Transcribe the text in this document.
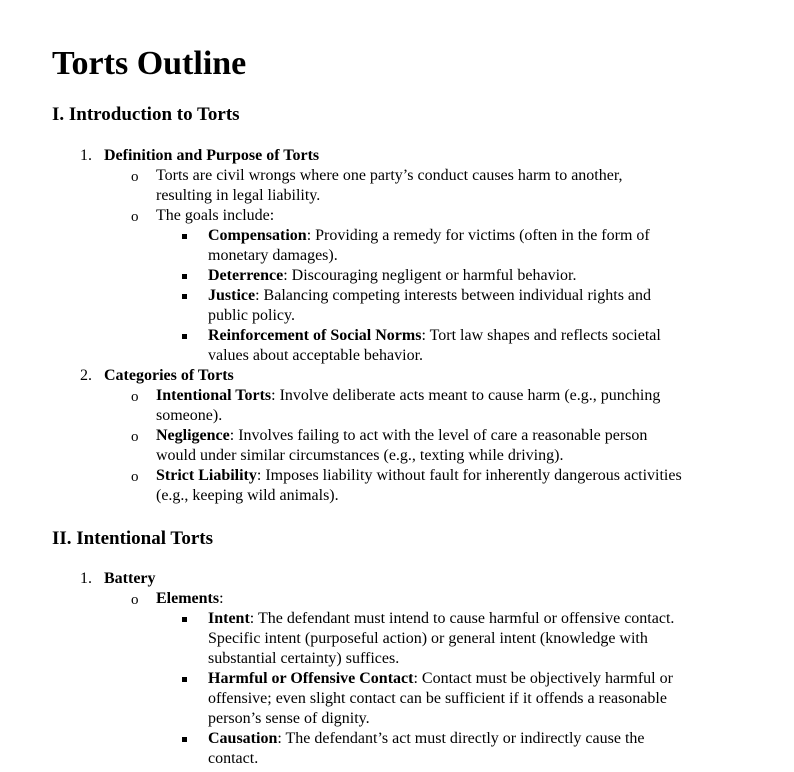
Torts Outline
I. Introduction to Torts
1. Definition and Purpose of Torts
o Torts are civil wrongs where one party’s conduct causes harm to another,
resulting in legal liability.
o The goals include:
Compensation: Providing a remedy for victims (often in the form of
monetary damages).
Deterrence: Discouraging negligent or harmful behavior.
Justice: Balancing competing interests between individual rights and
public policy.
Reinforcement of Social Norms: Tort law shapes and reflects societal
values about acceptable behavior.
2. Categories of Torts
o Intentional Torts: Involve deliberate acts meant to cause harm (e.g., punching
someone).
o Negligence: Involves failing to act with the level of care a reasonable person
would under similar circumstances (e.g., texting while driving).
o Strict Liability: Imposes liability without fault for inherently dangerous activities
(e.g., keeping wild animals).
II. Intentional Torts
1. Battery
o Elements:
Intent: The defendant must intend to cause harmful or offensive contact.
Specific intent (purposeful action) or general intent (knowledge with
substantial certainty) suffices.
Harmful or Offensive Contact: Contact must be objectively harmful or
offensive; even slight contact can be sufficient if it offends a reasonable
person’s sense of dignity.
Causation: The defendant’s act must directly or indirectly cause the
contact.
